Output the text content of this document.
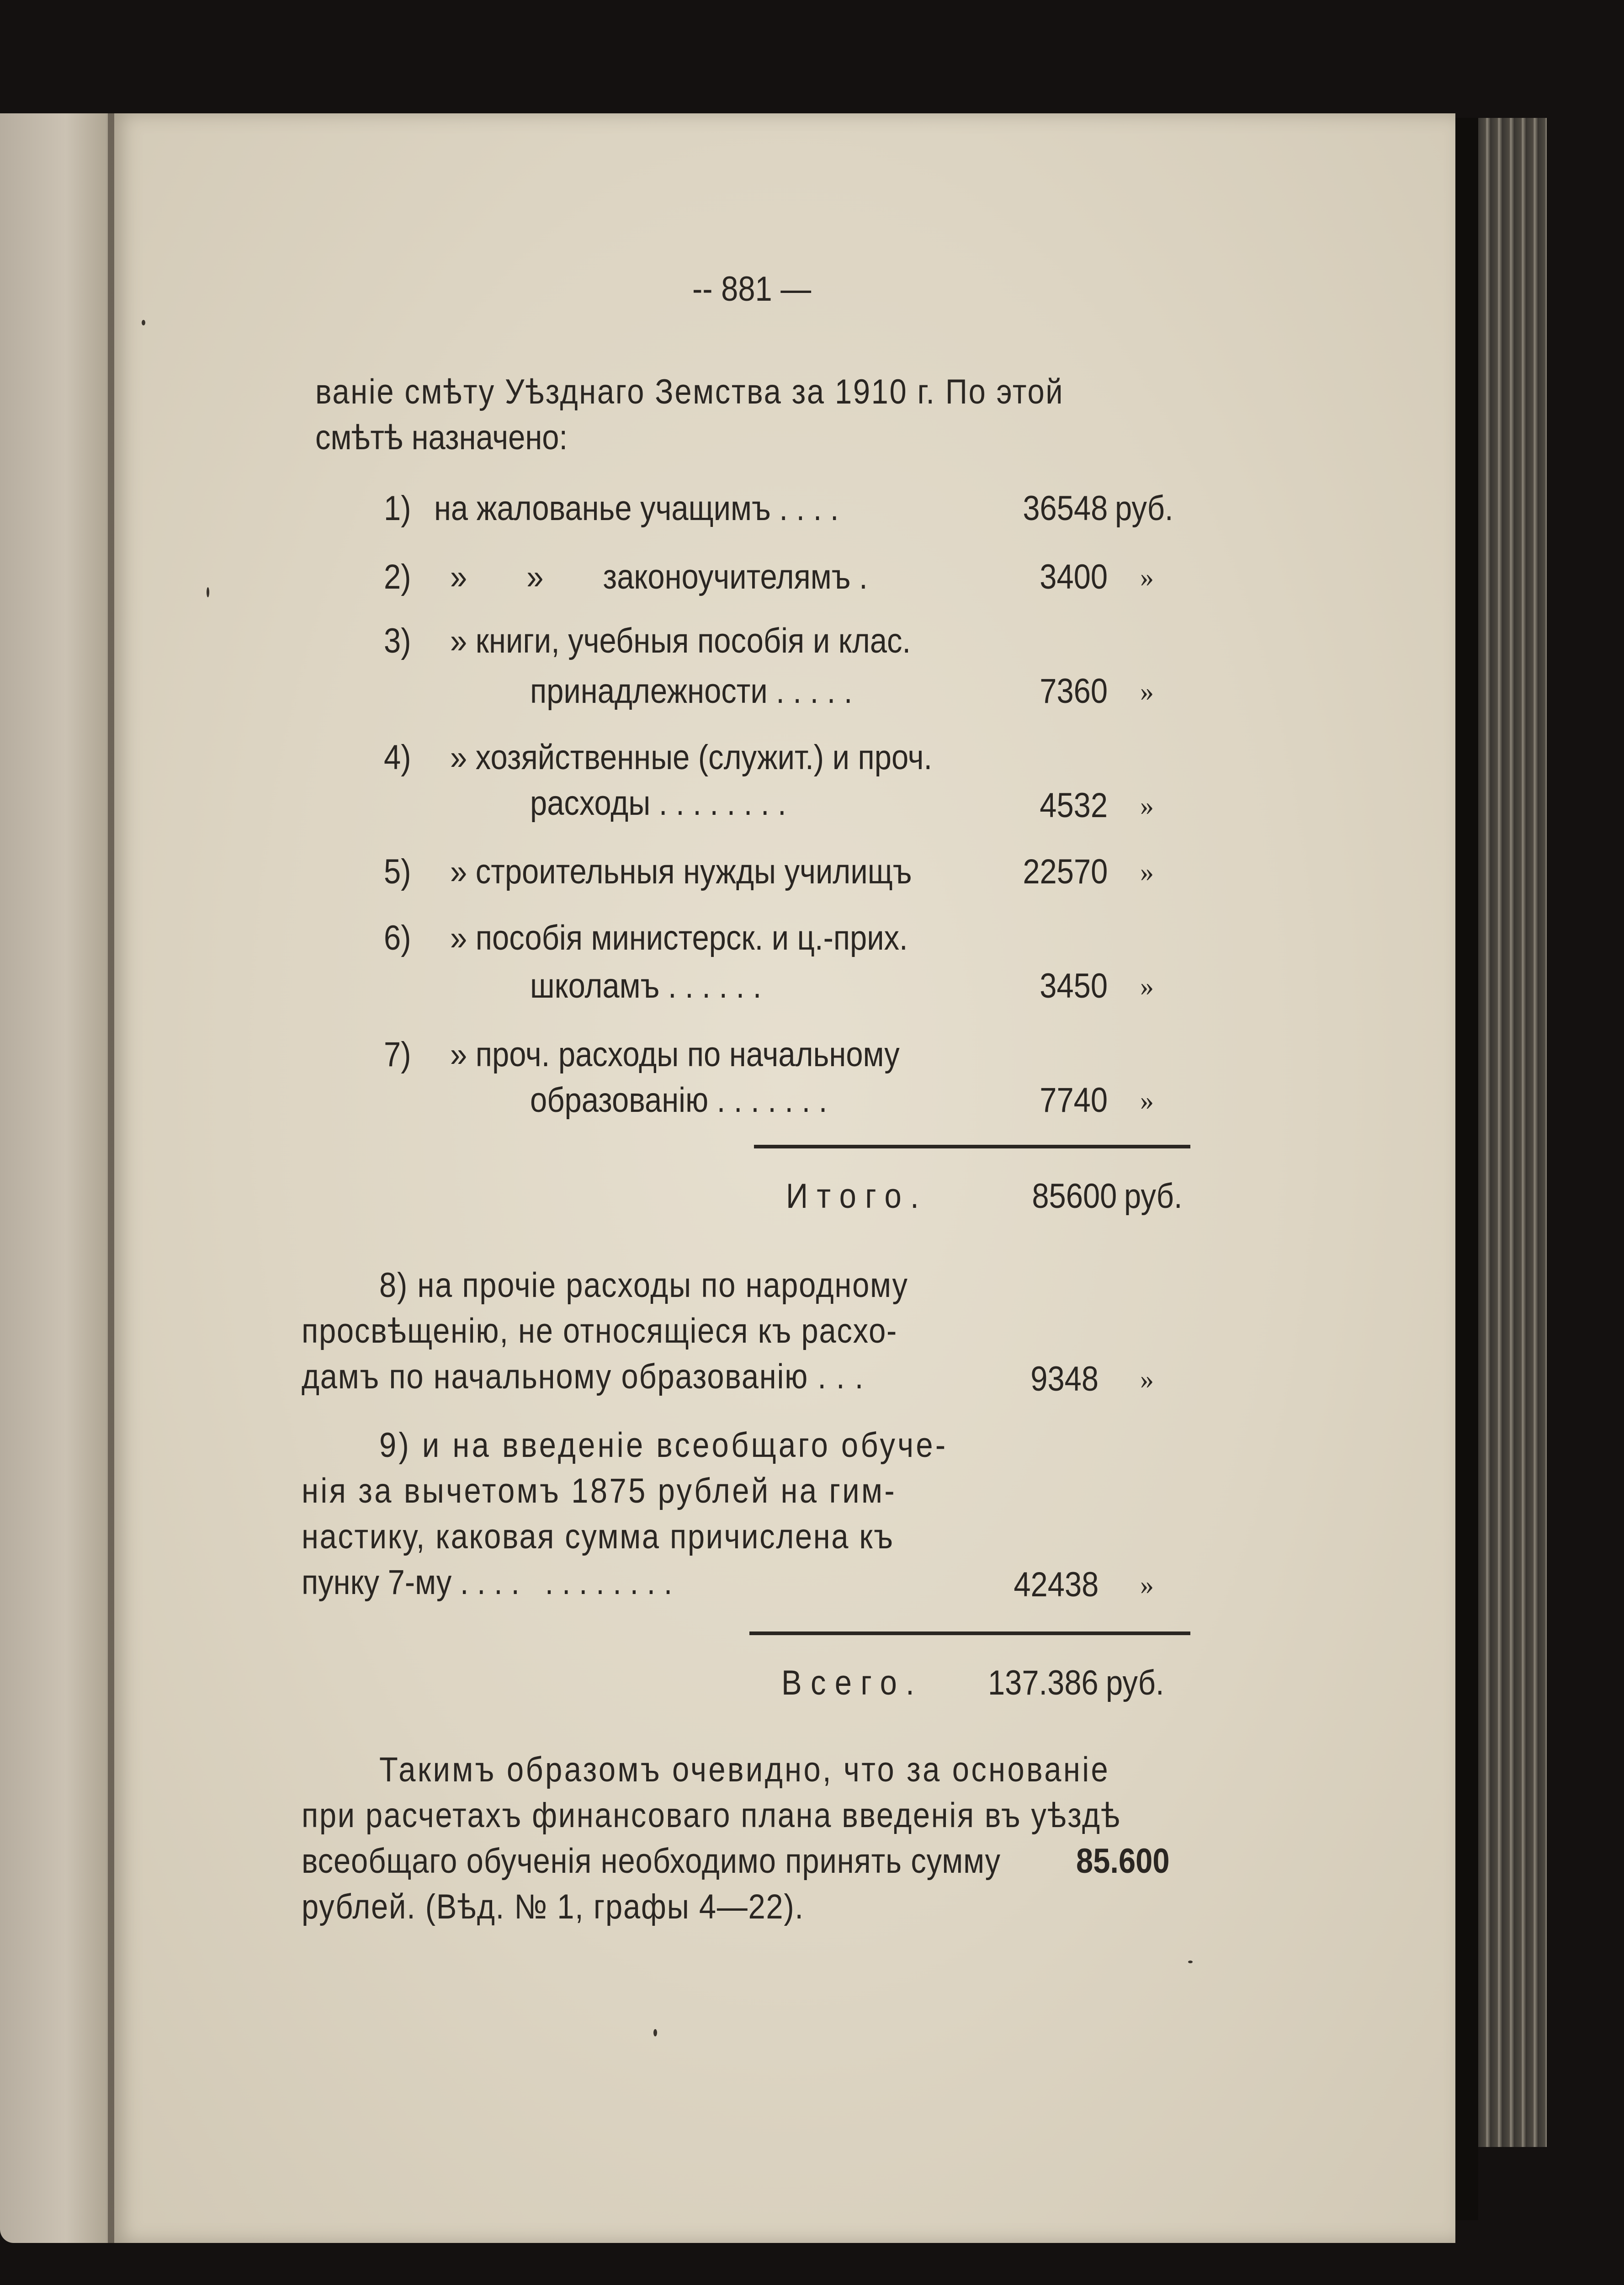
-- 881 —
ваніе смѣту Уѣзднаго Земства за 1910 г. По этой
смѣтѣ назначено:
1) на жалованье учащимъ . . . .	36548 руб.
2) »       »       законоучителямъ .	3400 »
3) » книги, учебныя пособія и клас.
принадлежности . . . . .	7360 »
4) » хозяйственные (служит.) и проч.
расходы . . . . . . . .	4532 »
5) » строительныя нужды училищъ	22570 »
6) » пособія министерск. и ц.-прих.
школамъ . . . . . .	3450 »
7) » проч. расходы по начальному
образованію . . . . . . .	7740 »
Итого.	85600 руб.
8) на прочіе расходы по народному
просвѣщенію, не относящіеся къ расхо-
дамъ по начальному образованію . . .	9348 »
9) и на введеніе всеобщаго обуче-
нія за вычетомъ 1875 рублей на гим-
настику, каковая сумма причислена къ
пунку 7-му . . . .   . . . . . . . .	42438 »
Всего. 137.386 руб.
Такимъ образомъ очевидно, что за основаніе
при расчетахъ финансоваго плана введенія въ уѣздѣ
всеобщаго обученія необходимо принять сумму 85.600
рублей. (Вѣд. № 1, графы 4—22).
